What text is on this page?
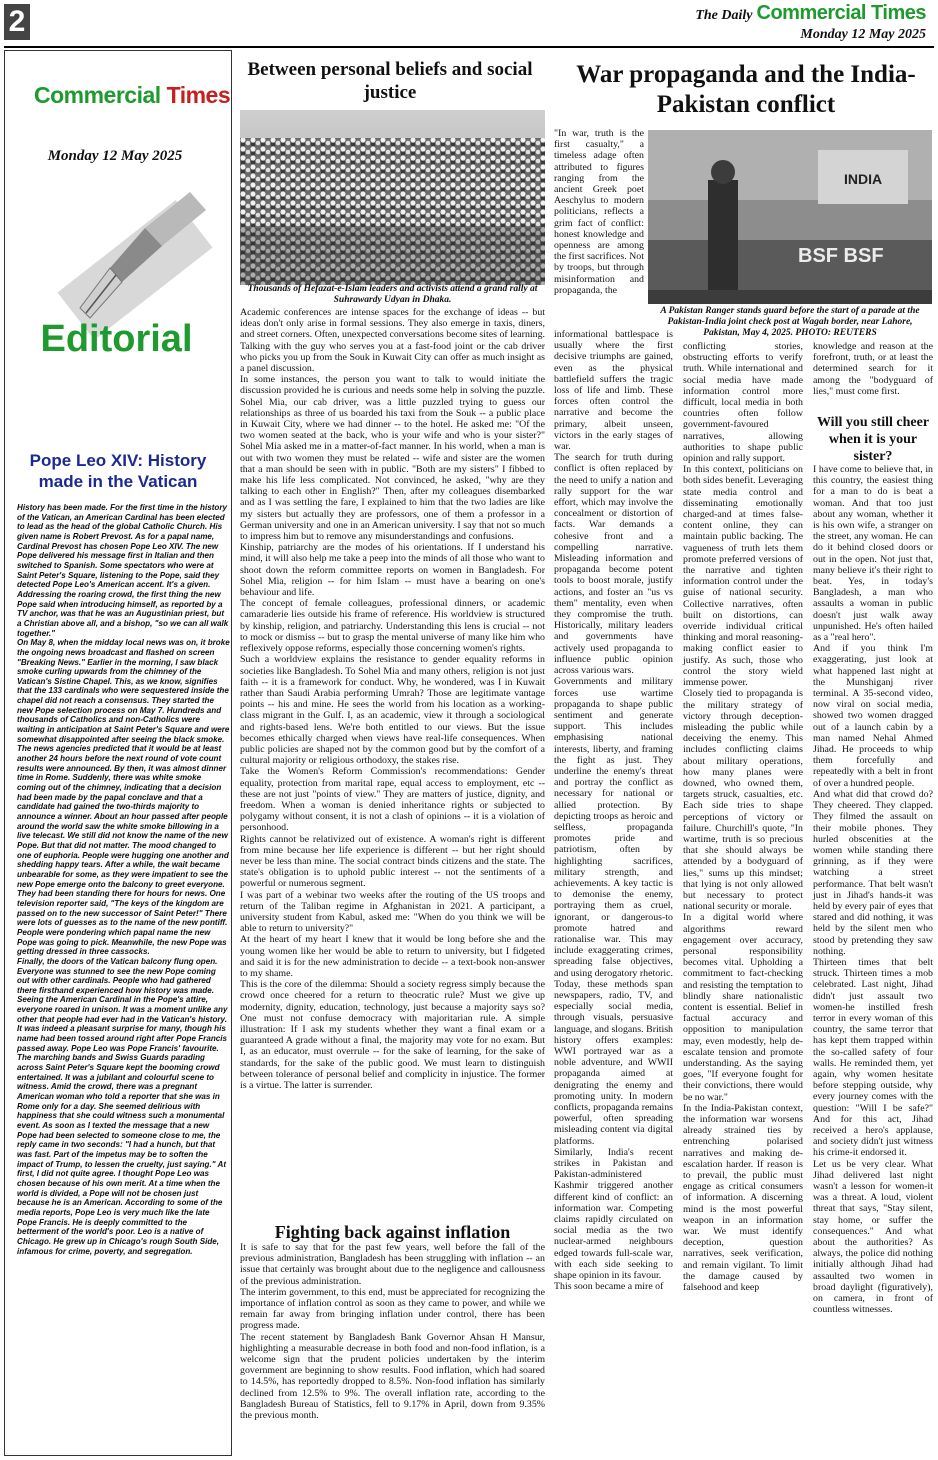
2	The Daily Commercial Times
Monday 12 May 2025
Commercial Times
Monday 12 May 2025
Editorial
Pope Leo XIV: History made in the Vatican

History has been made. For the first time in the history of the Vatican, an American Cardinal has been elected to lead as the head of the global Catholic Church. His given name is Robert Prevost. As for a papal name, Cardinal Prevost has chosen Pope Leo XIV. The new Pope delivered his message first in Italian and then switched to Spanish. Some spectators who were at Saint Peter's Square, listening to the Pope, said they detected Pope Leo's American accent. It's a given. Addressing the roaring crowd, the first thing the new Pope said when introducing himself, as reported by a TV anchor, was that he was an Augustinian priest, but a Christian above all, and a bishop, "so we can all walk together."
On May 8, when the midday local news was on, it broke the ongoing news broadcast and flashed on screen "Breaking News." Earlier in the morning, I saw black smoke curling upwards from the chimney of the Vatican's Sistine Chapel. This, as we know, signifies that the 133 cardinals who were sequestered inside the chapel did not reach a consensus. They started the new Pope selection process on May 7. Hundreds and thousands of Catholics and non-Catholics were waiting in anticipation at Saint Peter's Square and were somewhat disappointed after seeing the black smoke. The news agencies predicted that it would be at least another 24 hours before the next round of vote count results were announced. By then, it was almost dinner time in Rome. Suddenly, there was white smoke coming out of the chimney, indicating that a decision had been made by the papal conclave and that a candidate had gained the two-thirds majority to announce a winner. About an hour passed after people around the world saw the white smoke billowing in a live telecast. We still did not know the name of the new Pope. But that did not matter. The mood changed to one of euphoria. People were hugging one another and shedding happy tears. After a while, the wait became unbearable for some, as they were impatient to see the new Pope emerge onto the balcony to greet everyone. They had been standing there for hours for news. One television reporter said, "The keys of the kingdom are passed on to the new successor of Saint Peter!" There were lots of guesses as to the name of the new pontiff. People were pondering which papal name the new Pope was going to pick. Meanwhile, the new Pope was getting dressed in three cassocks.
Finally, the doors of the Vatican balcony flung open. Everyone was stunned to see the new Pope coming out with other cardinals. People who had gathered there firsthand experienced how history was made. Seeing the American Cardinal in the Pope's attire, everyone roared in unison. It was a moment unlike any other that people had ever had in the Vatican's history. It was indeed a pleasant surprise for many, though his name had been tossed around right after Pope Francis passed away. Pope Leo was Pope Francis' favourite. The marching bands and Swiss Guards parading across Saint Peter's Square kept the booming crowd entertained. It was a jubilant and colourful scene to witness. Amid the crowd, there was a pregnant American woman who told a reporter that she was in Rome only for a day. She seemed delirious with happiness that she could witness such a monumental event. As soon as I texted the message that a new Pope had been selected to someone close to me, the reply came in two seconds: "I had a hunch, but that was fast. Part of the impetus may be to soften the impact of Trump, to lessen the cruelty, just saying." At first, I did not quite agree. I thought Pope Leo was chosen because of his own merit. At a time when the world is divided, a Pope will not be chosen just because he is an American. According to some of the media reports, Pope Leo is very much like the late Pope Francis. He is deeply committed to the betterment of the world's poor. Leo is a native of Chicago. He grew up in Chicago's rough South Side, infamous for crime, poverty, and segregation.

Between personal beliefs and social justice
Thousands of Hefazat-e-Islam leaders and activists attend a grand rally at Suhrawardy Udyan in Dhaka.

Academic conferences are intense spaces for the exchange of ideas -- but ideas don't only arise in formal sessions. They also emerge in taxis, diners, and street corners. Often, unexpected conversations become sites of learning. Talking with the guy who serves you at a fast-food joint or the cab driver who picks you up from the Souk in Kuwait City can offer as much insight as a panel discussion.
In some instances, the person you want to talk to would initiate the discussion provided he is curious and needs some help in solving the puzzle. Sohel Mia, our cab driver, was a little puzzled trying to guess our relationships as three of us boarded his taxi from the Souk -- a public place in Kuwait City, where we had dinner -- to the hotel. He asked me: "Of the two women seated at the back, who is your wife and who is your sister?" Sohel Mia asked me in a matter-of-fact manner. In his world, when a man is out with two women they must be related -- wife and sister are the women that a man should be seen with in public. "Both are my sisters" I fibbed to make his life less complicated. Not convinced, he asked, "why are they talking to each other in English?" Then, after my colleagues disembarked and as I was settling the fare, I explained to him that the two ladies are like my sisters but actually they are professors, one of them a professor in a German university and one in an American university. I say that not so much to impress him but to remove any misunderstandings and confusions.
Kinship, patriarchy are the modes of his orientations. If I understand his mind, it will also help me take a peep into the minds of all those who want to shoot down the reform committee reports on women in Bangladesh. For Sohel Mia, religion -- for him Islam -- must have a bearing on one's behaviour and life.
The concept of female colleagues, professional dinners, or academic camaraderie lies outside his frame of reference. His worldview is structured by kinship, religion, and patriarchy. Understanding this lens is crucial -- not to mock or dismiss -- but to grasp the mental universe of many like him who reflexively oppose reforms, especially those concerning women's rights.
Such a worldview explains the resistance to gender equality reforms in societies like Bangladesh. To Sohel Mia and many others, religion is not just faith -- it is a framework for conduct. Why, he wondered, was I in Kuwait rather than Saudi Arabia performing Umrah? Those are legitimate vantage points -- his and mine. He sees the world from his location as a working-class migrant in the Gulf. I, as an academic, view it through a sociological and rights-based lens. We're both entitled to our views. But the issue becomes ethically charged when views have real-life consequences. When public policies are shaped not by the common good but by the comfort of a cultural majority or religious orthodoxy, the stakes rise.
Take the Women's Reform Commission's recommendations: Gender equality, protection from marital rape, equal access to employment, etc -- these are not just "points of view." They are matters of justice, dignity, and freedom. When a woman is denied inheritance rights or subjected to polygamy without consent, it is not a clash of opinions -- it is a violation of personhood.
Rights cannot be relativized out of existence. A woman's right is different from mine because her life experience is different -- but her right should never be less than mine. The social contract binds citizens and the state. The state's obligation is to uphold public interest -- not the sentiments of a powerful or numerous segment.
I was part of a webinar two weeks after the routing of the US troops and return of the Taliban regime in Afghanistan in 2021. A participant, a university student from Kabul, asked me: "When do you think we will be able to return to university?"
At the heart of my heart I knew that it would be long before she and the young women like her would be able to return to university, but I fidgeted and said it is for the new administration to decide -- a text-book non-answer to my shame.
This is the core of the dilemma: Should a society regress simply because the crowd once cheered for a return to theocratic rule? Must we give up modernity, dignity, education, technology, just because a majority says so? One must not confuse democracy with majoritarian rule. A simple illustration: If I ask my students whether they want a final exam or a guaranteed A grade without a final, the majority may vote for no exam. But I, as an educator, must overrule -- for the sake of learning, for the sake of standards, for the sake of the public good. We must learn to distinguish between tolerance of personal belief and complicity in injustice. The former is a virtue. The latter is surrender.

Fighting back against inflation

It is safe to say that for the past few years, well before the fall of the previous administration, Bangladesh has been struggling with inflation -- an issue that certainly was brought about due to the negligence and callousness of the previous administration.
The interim government, to this end, must be appreciated for recognizing the importance of inflation control as soon as they came to power, and while we remain far away from bringing inflation under control, there has been progress made.
The recent statement by Bangladesh Bank Governor Ahsan H Mansur, highlighting a measurable decrease in both food and non-food inflation, is a welcome sign that the prudent policies undertaken by the interim government are beginning to show results. Food inflation, which had soared to 14.5%, has reportedly dropped to 8.5%. Non-food inflation has similarly declined from 12.5% to 9%. The overall inflation rate, according to the Bangladesh Bureau of Statistics, fell to 9.17% in April, down from 9.35% the previous month.

War propaganda and the India-Pakistan conflict
INDIA
BSF BSF
A Pakistan Ranger stands guard before the start of a parade at the Pakistan-India joint check post at Wagah border, near Lahore, Pakistan, May 4, 2025. PHOTO: REUTERS

"In war, truth is the first casualty," a timeless adage often attributed to figures ranging from the ancient Greek poet Aeschylus to modern politicians, reflects a grim fact of conflict: honest knowledge and openness are among the first sacrifices. Not by troops, but through misinformation and propaganda, the

informational battlespace is usually where the first decisive triumphs are gained, even as the physical battlefield suffers the tragic loss of life and limb. These forces often control the narrative and become the primary, albeit unseen, victors in the early stages of war.
The search for truth during conflict is often replaced by the need to unify a nation and rally support for the war effort, which may involve the concealment or distortion of facts. War demands a cohesive front and a compelling narrative. Misleading information and propaganda become potent tools to boost morale, justify actions, and foster an "us vs them" mentality, even when they compromise the truth. Historically, military leaders and governments have actively used propaganda to influence public opinion across various wars.
Governments and military forces use wartime propaganda to shape public sentiment and generate support. This includes emphasising national interests, liberty, and framing the fight as just. They underline the enemy's threat and portray the conflict as necessary for national or allied protection. By depicting troops as heroic and selfless, propaganda promotes pride and patriotism, often by highlighting sacrifices, military strength, and achievements. A key tactic is to demonise the enemy, portraying them as cruel, ignorant, or dangerous-to promote hatred and rationalise war. This may include exaggerating crimes, spreading false objectives, and using derogatory rhetoric.
Today, these methods span newspapers, radio, TV, and especially social media, through visuals, persuasive language, and slogans. British history offers examples: WWI portrayed war as a noble adventure, and WWII propaganda aimed at denigrating the enemy and promoting unity. In modern conflicts, propaganda remains powerful, often spreading misleading content via digital platforms.
Similarly, India's recent strikes in Pakistan and Pakistan-administered Kashmir triggered another different kind of conflict: an information war. Competing claims rapidly circulated on social media as the two nuclear-armed neighbours edged towards full-scale war, with each side seeking to shape opinion in its favour.
This soon became a mire of

conflicting stories, obstructing efforts to verify truth. While international and social media have made information control more difficult, local media in both countries often follow government-favoured narratives, allowing authorities to shape public opinion and rally support.
In this context, politicians on both sides benefit. Leveraging state media control and disseminating emotionally charged-and at times false-content online, they can maintain public backing. The vagueness of truth lets them promote preferred versions of the narrative and tighten information control under the guise of national security. Collective narratives, often built on distortions, can override individual critical thinking and moral reasoning-making conflict easier to justify. As such, those who control the story wield immense power.
Closely tied to propaganda is the military strategy of victory through deception-misleading the public while deceiving the enemy. This includes conflicting claims about military operations, how many planes were downed, who owned them, targets struck, casualties, etc. Each side tries to shape perceptions of victory or failure. Churchill's quote, "In wartime, truth is so precious that she should always be attended by a bodyguard of lies," sums up this mindset; that lying is not only allowed but necessary to protect national security or morale.
In a digital world where algorithms reward engagement over accuracy, personal responsibility becomes vital. Upholding a commitment to fact-checking and resisting the temptation to blindly share nationalistic content is essential. Belief in factual accuracy and opposition to manipulation may, even modestly, help de-escalate tension and promote understanding. As the saying goes, "If everyone fought for their convictions, there would be no war."
In the India-Pakistan context, the information war worsens already strained ties by entrenching polarised narratives and making de-escalation harder. If reason is to prevail, the public must engage as critical consumers of information. A discerning mind is the most powerful weapon in an information war. We must identify deception, question narratives, seek verification, and remain vigilant. To limit the damage caused by falsehood and keep

knowledge and reason at the forefront, truth, or at least the determined search for it among the "bodyguard of lies," must come first.

Will you still cheer when it is your sister?

I have come to believe that, in this country, the easiest thing for a man to do is beat a woman. And that too just about any woman, whether it is his own wife, a stranger on the street, any woman. He can do it behind closed doors or out in the open. Not just that, many believe it's their right to beat. Yes, in today's Bangladesh, a man who assaults a woman in public doesn't just walk away unpunished. He's often hailed as a "real hero".
And if you think I'm exaggerating, just look at what happened last night at the Munshiganj river terminal. A 35-second video, now viral on social media, showed two women dragged out of a launch cabin by a man named Nehal Ahmed Jihad. He proceeds to whip them forcefully and repeatedly with a belt in front of over a hundred people.
And what did that crowd do? They cheered. They clapped. They filmed the assault on their mobile phones. They hurled obscenities at the women while standing there grinning, as if they were watching a street performance. That belt wasn't just in Jihad's hands-it was held by every pair of eyes that stared and did nothing, it was held by the silent men who stood by pretending they saw nothing.
Thirteen times that belt struck. Thirteen times a mob celebrated. Last night, Jihad didn't just assault two women-he instilled fresh terror in every woman of this country, the same terror that has kept them trapped within the so-called safety of four walls. He reminded them, yet again, why women hesitate before stepping outside, why every journey comes with the question: "Will I be safe?" And for this act, Jihad received a hero's applause, and society didn't just witness his crime-it endorsed it.
Let us be very clear. What Jihad delivered last night wasn't a lesson for women-it was a threat. A loud, violent threat that says, "Stay silent, stay home, or suffer the consequences." And what about the authorities? As always, the police did nothing initially although Jihad had assaulted two women in broad daylight (figuratively), on camera, in front of countless witnesses.
